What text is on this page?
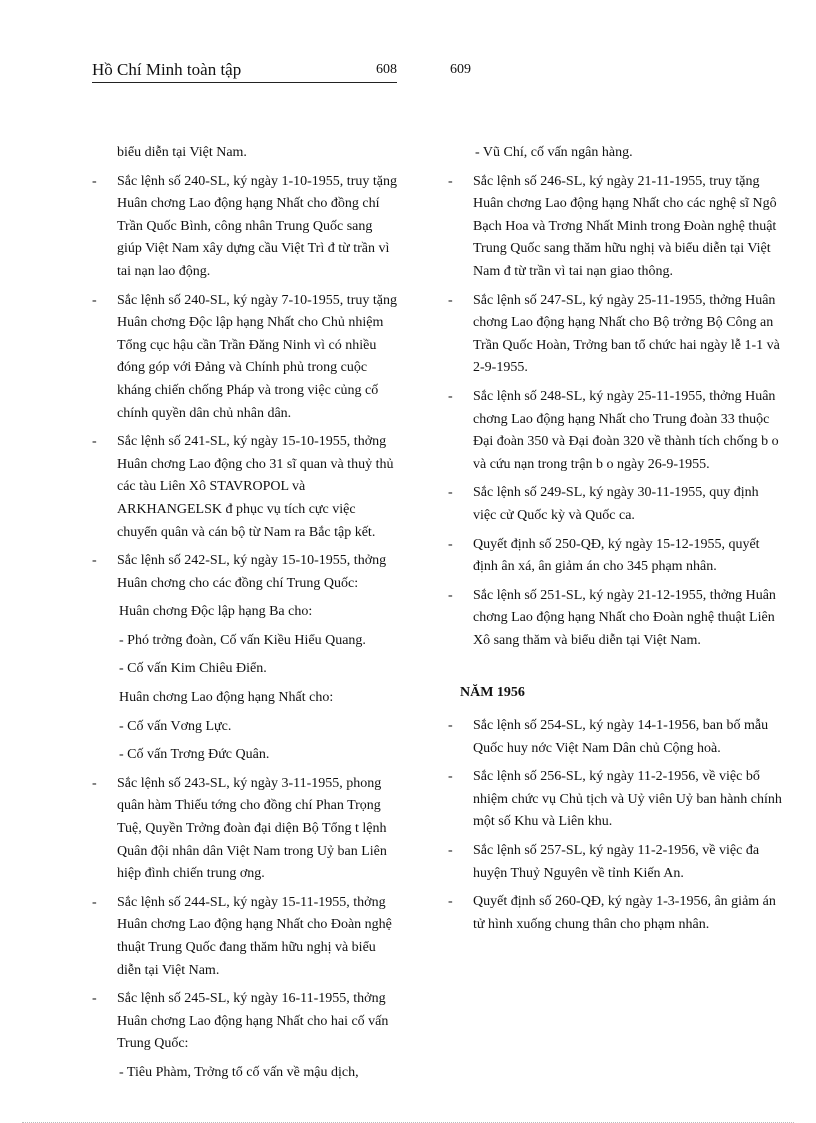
Hồ Chí Minh toàn tập	608	609
biểu diễn tại Việt Nam.
- Sắc lệnh số 240-SL, ký ngày 1-10-1955, truy tặng Huân chơng Lao động hạng Nhất cho đồng chí Trần Quốc Bình, công nhân Trung Quốc sang giúp Việt Nam xây dựng cầu Việt Trì đ từ trần vì tai nạn lao động.
- Sắc lệnh số 240-SL, ký ngày 7-10-1955, truy tặng Huân chơng Độc lập hạng Nhất cho Chủ nhiệm Tổng cục hậu cần Trần Đăng Ninh vì có nhiều đóng góp với Đảng và Chính phủ trong cuộc kháng chiến chống Pháp và trong việc củng cố chính quyền dân chủ nhân dân.
- Sắc lệnh số 241-SL, ký ngày 15-10-1955, thởng Huân chơng Lao động cho 31 sĩ quan và thuỷ thủ các tàu Liên Xô STAVROPOL và ARKHANGELSK đ phục vụ tích cực việc chuyển quân và cán bộ từ Nam ra Bắc tập kết.
- Sắc lệnh số 242-SL, ký ngày 15-10-1955, thởng Huân chơng cho các đồng chí Trung Quốc:
Huân chơng Độc lập hạng Ba cho:
- Phó trởng đoàn, Cố vấn Kiều Hiểu Quang.
- Cố vấn Kim Chiêu Điển.
Huân chơng Lao động hạng Nhất cho:
- Cố vấn Vơng Lực.
- Cố vấn Trơng Đức Quân.
- Sắc lệnh số 243-SL, ký ngày 3-11-1955, phong quân hàm Thiếu tớng cho đồng chí Phan Trọng Tuệ, Quyền Trởng đoàn đại diện Bộ Tổng t lệnh Quân đội nhân dân Việt Nam trong Uỷ ban Liên hiệp đình chiến trung ơng.
- Sắc lệnh số 244-SL, ký ngày 15-11-1955, thởng Huân chơng Lao động hạng Nhất cho Đoàn nghệ thuật Trung Quốc đang thăm hữu nghị và biểu diễn tại Việt Nam.
- Sắc lệnh số 245-SL, ký ngày 16-11-1955, thởng Huân chơng Lao động hạng Nhất cho hai cố vấn Trung Quốc:
- Tiêu Phàm, Trởng tổ cố vấn về mậu dịch,
- Vũ Chí, cố vấn ngân hàng.
- Sắc lệnh số 246-SL, ký ngày 21-11-1955, truy tặng Huân chơng Lao động hạng Nhất cho các nghệ sĩ Ngô Bạch Hoa và Trơng Nhất Minh trong Đoàn nghệ thuật Trung Quốc sang thăm hữu nghị và biểu diễn tại Việt Nam đ từ trần vì tai nạn giao thông.
- Sắc lệnh số 247-SL, ký ngày 25-11-1955, thởng Huân chơng Lao động hạng Nhất cho Bộ trởng Bộ Công an Trần Quốc Hoàn, Trởng ban tổ chức hai ngày lễ 1-1 và 2-9-1955.
- Sắc lệnh số 248-SL, ký ngày 25-11-1955, thởng Huân chơng Lao động hạng Nhất cho Trung đoàn 33 thuộc Đại đoàn 350 và Đại đoàn 320 về thành tích chống b o và cứu nạn trong trận b o ngày 26-9-1955.
- Sắc lệnh số 249-SL, ký ngày 30-11-1955, quy định việc cử Quốc kỳ và Quốc ca.
- Quyết định số 250-QĐ, ký ngày 15-12-1955, quyết định ân xá, ân giảm án cho 345 phạm nhân.
- Sắc lệnh số 251-SL, ký ngày 21-12-1955, thởng Huân chơng Lao động hạng Nhất cho Đoàn nghệ thuật Liên Xô sang thăm và biểu diễn tại Việt Nam.
NĂM 1956
- Sắc lệnh số 254-SL, ký ngày 14-1-1956, ban bố mẫu Quốc huy nớc Việt Nam Dân chủ Cộng hoà.
- Sắc lệnh số 256-SL, ký ngày 11-2-1956, về việc bổ nhiệm chức vụ Chủ tịch và Uỷ viên Uỷ ban hành chính một số Khu và Liên khu.
- Sắc lệnh số 257-SL, ký ngày 11-2-1956, về việc đa huyện Thuỷ Nguyên về tỉnh Kiến An.
- Quyết định số 260-QĐ, ký ngày 1-3-1956, ân giảm án tử hình xuống chung thân cho phạm nhân.
